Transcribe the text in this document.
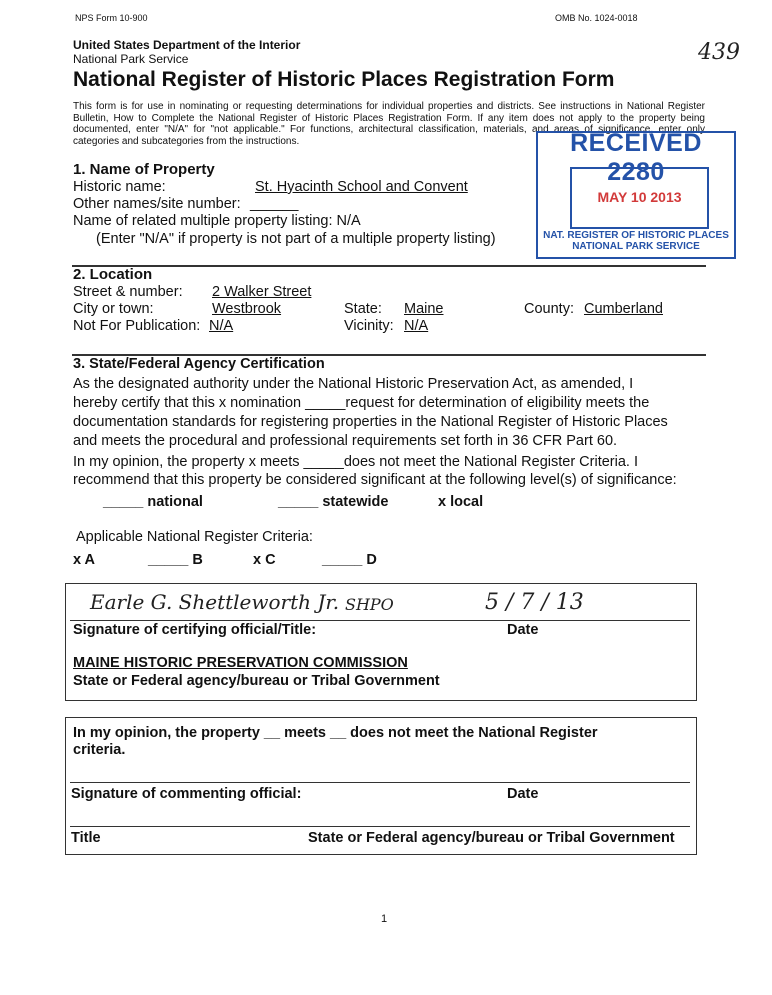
NPS Form 10-900	OMB No. 1024-0018
439
United States Department of the Interior
National Park Service
National Register of Historic Places Registration Form
This form is for use in nominating or requesting determinations for individual properties and districts. See instructions in National Register Bulletin, How to Complete the National Register of Historic Places Registration Form. If any item does not apply to the property being documented, enter "N/A" for "not applicable." For functions, architectural classification, materials, and areas of significance, enter only categories and subcategories from the instructions.	RECEIVED 2280
MAY 10 2013
NAT. REGISTER OF HISTORIC PLACES
NATIONAL PARK SERVICE
1. Name of Property
Historic name:	St. Hyacinth School and Convent
Other names/site number: ______
Name of related multiple property listing: N/A
(Enter "N/A" if property is not part of a multiple property listing)
2. Location
Street & number: 2 Walker Street
City or town:	Westbrook	State: Maine	County: Cumberland
Not For Publication: N/A	Vicinity: N/A
3. State/Federal Agency Certification
As the designated authority under the National Historic Preservation Act, as amended, I
hereby certify that this x nomination _____request for determination of eligibility meets the
documentation standards for registering properties in the National Register of Historic Places
and meets the procedural and professional requirements set forth in 36 CFR Part 60.
In my opinion, the property x meets _____does not meet the National Register Criteria. I
recommend that this property be considered significant at the following level(s) of significance:
_____ national	_____ statewide	x local
Applicable National Register Criteria:
x A	_____ B	x C	_____ D
Earle G. Shettleworth Jr. SHPO	5 / 7 / 13
Signature of certifying official/Title:	Date
MAINE HISTORIC PRESERVATION COMMISSION
State or Federal agency/bureau or Tribal Government
In my opinion, the property __ meets __ does not meet the National Register
criteria.
Signature of commenting official:	Date
Title	State or Federal agency/bureau or Tribal Government
1
